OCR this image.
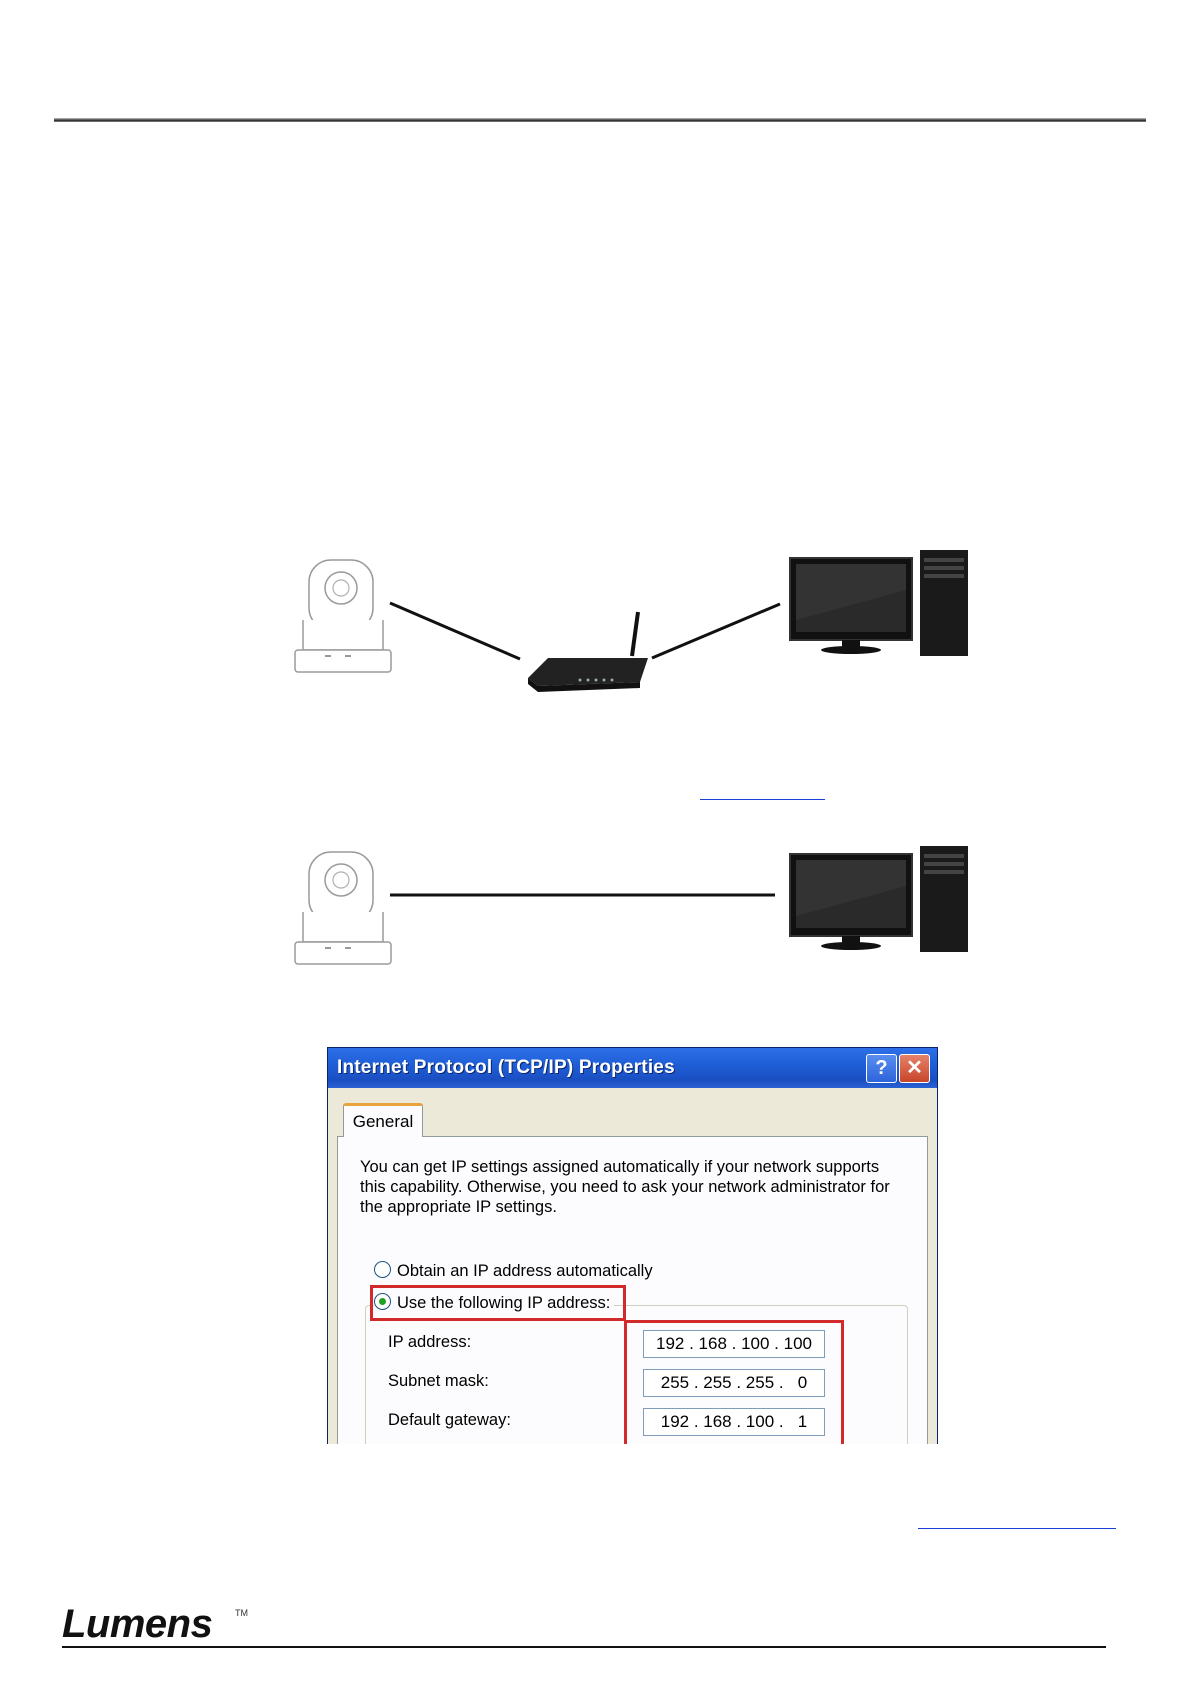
Internet Protocol (TCP/IP) Properties	? ✕
General

You can get IP settings assigned automatically if your network supports this capability. Otherwise, you need to ask your network administrator for the appropriate IP settings.

Obtain an IP address automatically
Use the following IP address:
IP address:	192 . 168 . 100 . 100
Subnet mask:	255 . 255 . 255 .   0
Default gateway:	192 . 168 . 100 .   1
Lumens	TM
